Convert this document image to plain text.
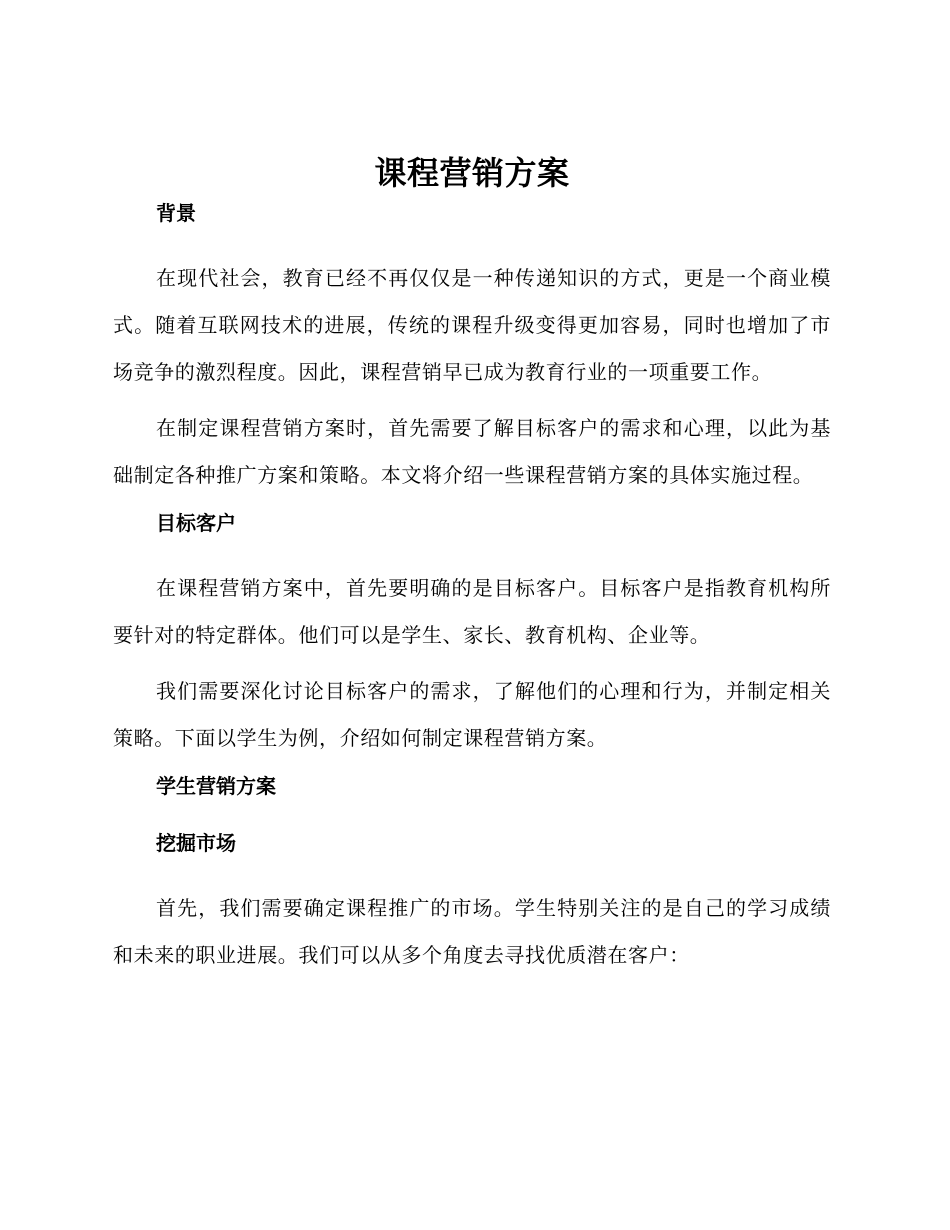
课程营销方案
背景

在现代社会，教育已经不再仅仅是一种传递知识的方式，更是一个商业模式。随着互联网技术的进展，传统的课程升级变得更加容易，同时也增加了市场竞争的激烈程度。因此，课程营销早已成为教育行业的一项重要工作。

在制定课程营销方案时，首先需要了解目标客户的需求和心理，以此为基础制定各种推广方案和策略。本文将介绍一些课程营销方案的具体实施过程。

目标客户

在课程营销方案中，首先要明确的是目标客户。目标客户是指教育机构所要针对的特定群体。他们可以是学生、家长、教育机构、企业等。

我们需要深化讨论目标客户的需求，了解他们的心理和行为，并制定相关策略。下面以学生为例，介绍如何制定课程营销方案。

学生营销方案
挖掘市场

首先，我们需要确定课程推广的市场。学生特别关注的是自己的学习成绩和未来的职业进展。我们可以从多个角度去寻找优质潜在客户：
